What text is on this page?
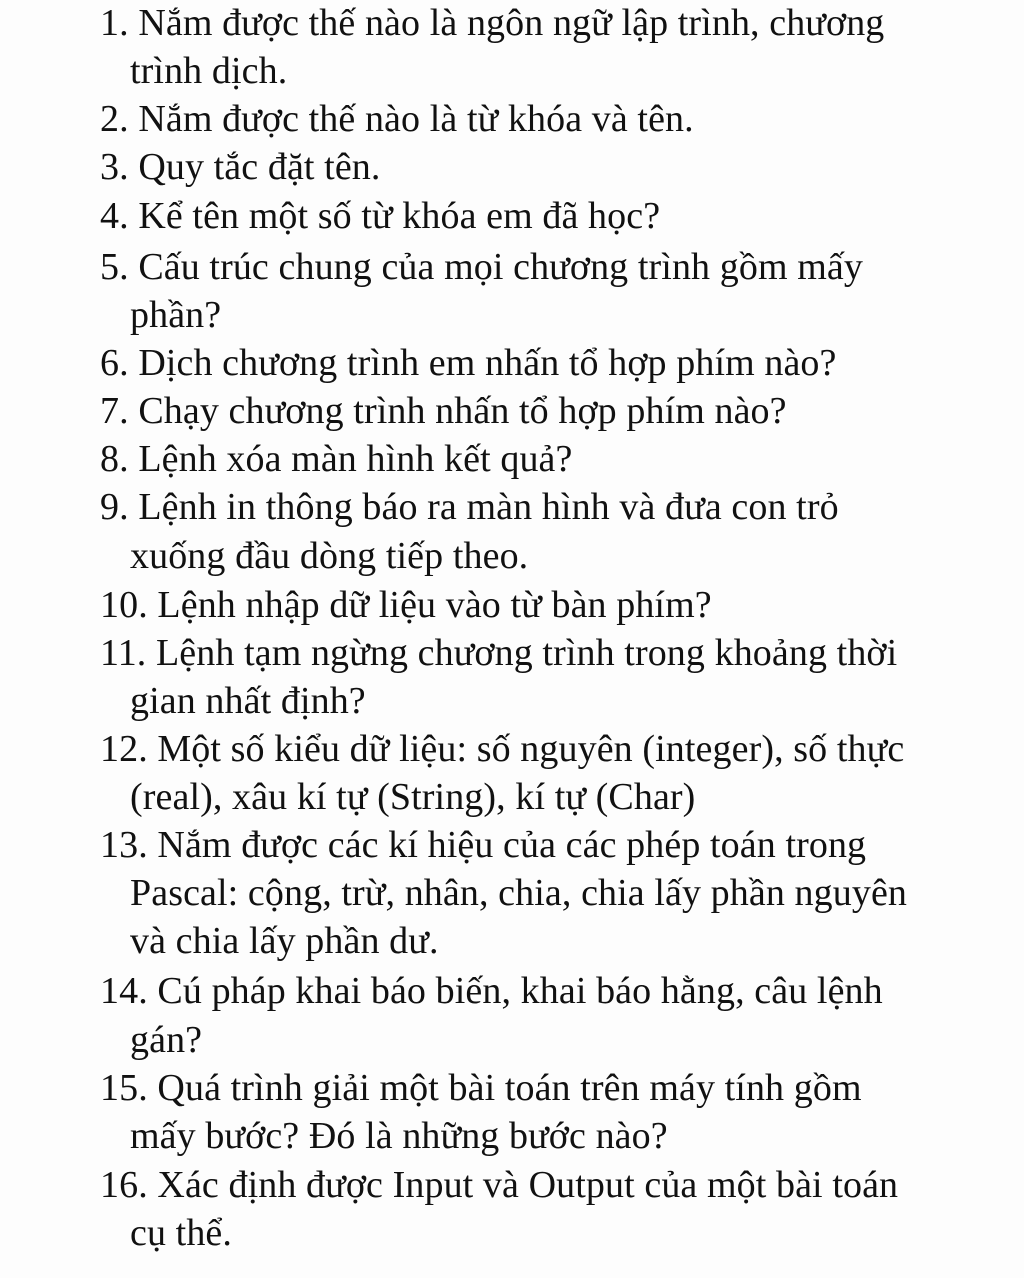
1. Nắm được thế nào là ngôn ngữ lập trình, chương
trình dịch.
2. Nắm được thế nào là từ khóa và tên.
3. Quy tắc đặt tên.
4. Kể tên một số từ khóa em đã học?
5. Cấu trúc chung của mọi chương trình gồm mấy
phần?
6. Dịch chương trình em nhấn tổ hợp phím nào?
7. Chạy chương trình nhấn tổ hợp phím nào?
8. Lệnh xóa màn hình kết quả?
9. Lệnh in thông báo ra màn hình và đưa con trỏ
xuống đầu dòng tiếp theo.
10. Lệnh nhập dữ liệu vào từ bàn phím?
11. Lệnh tạm ngừng chương trình trong khoảng thời
gian nhất định?
12. Một số kiểu dữ liệu: số nguyên (integer), số thực
(real), xâu kí tự (String), kí tự (Char)
13. Nắm được các kí hiệu của các phép toán trong
Pascal: cộng, trừ, nhân, chia, chia lấy phần nguyên
và chia lấy phần dư.
14. Cú pháp khai báo biến, khai báo hằng, câu lệnh
gán?
15. Quá trình giải một bài toán trên máy tính gồm
mấy bước? Đó là những bước nào?
16. Xác định được Input và Output của một bài toán
cụ thể.
